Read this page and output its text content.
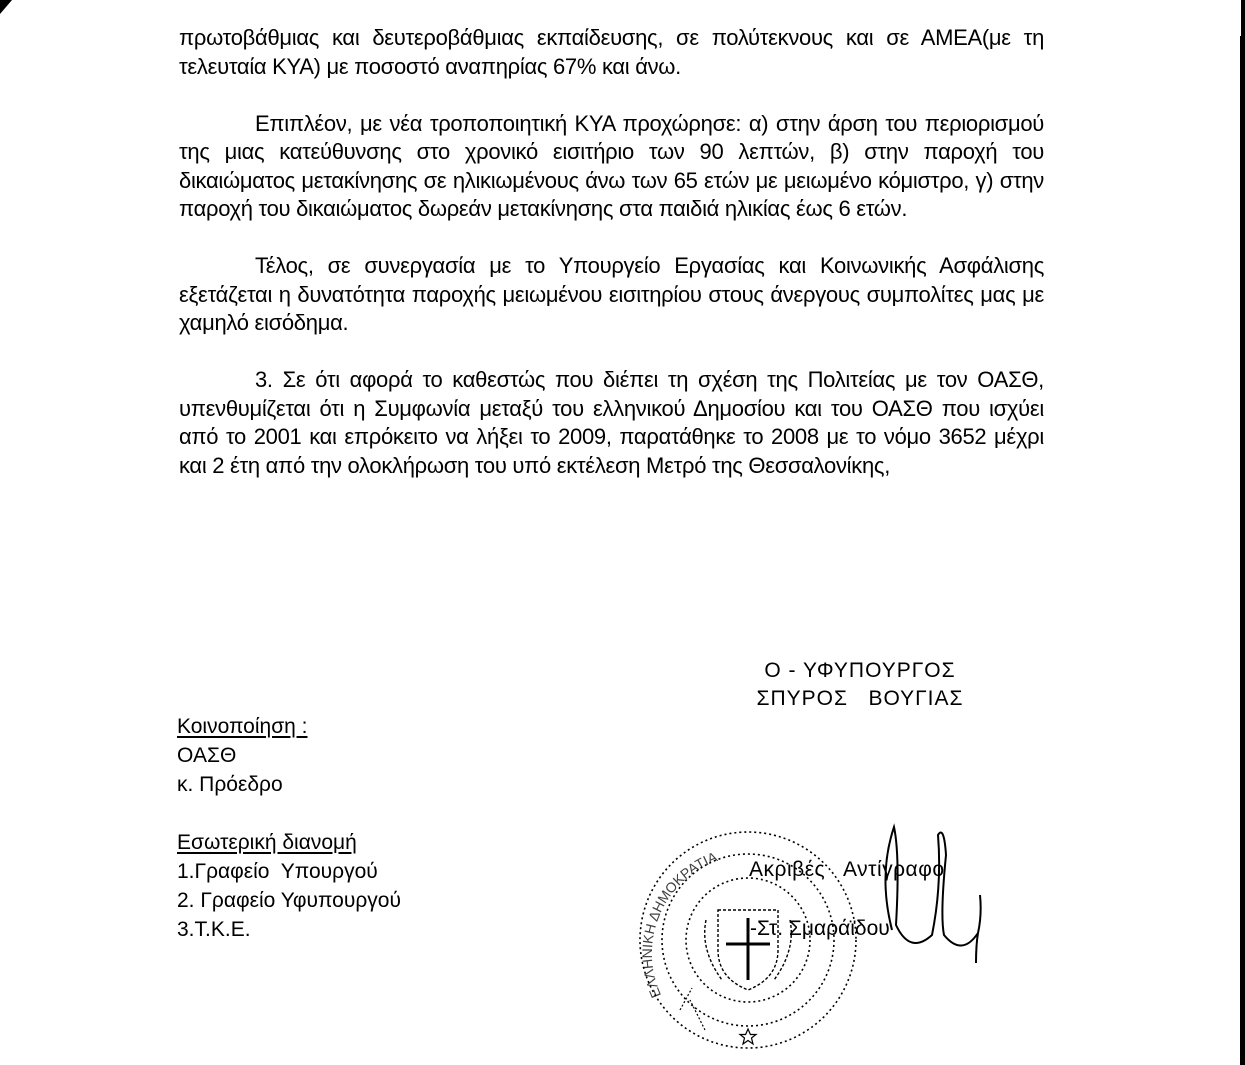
πρωτοβάθμιας και δευτεροβάθμιας εκπαίδευσης, σε πολύτεκνους και σε ΑΜΕΑ(με τη τελευταία ΚΥΑ) με ποσοστό αναπηρίας 67% και άνω.

Επιπλέον, με νέα τροποποιητική ΚΥΑ προχώρησε: α) στην άρση του περιορισμού της μιας κατεύθυνσης στο χρονικό εισιτήριο των 90 λεπτών, β) στην παροχή του δικαιώματος μετακίνησης σε ηλικιωμένους άνω των 65 ετών με μειωμένο κόμιστρο, γ) στην παροχή του δικαιώματος δωρεάν μετακίνησης στα παιδιά ηλικίας έως 6 ετών.

Τέλος, σε συνεργασία με το Υπουργείο Εργασίας και Κοινωνικής Ασφάλισης εξετάζεται η δυνατότητα παροχής μειωμένου εισιτηρίου στους άνεργους συμπολίτες μας με χαμηλό εισόδημα.

3. Σε ότι αφορά το καθεστώς που διέπει τη σχέση της Πολιτείας με τον ΟΑΣΘ, υπενθυμίζεται ότι η Συμφωνία μεταξύ του ελληνικού Δημοσίου και του ΟΑΣΘ που ισχύει από το 2001 και επρόκειτο να λήξει το 2009, παρατάθηκε το 2008 με το νόμο 3652 μέχρι και 2 έτη από την ολοκλήρωση του υπό εκτέλεση Μετρό της Θεσσαλονίκης,

Ο - ΥΦΥΠΟΥΡΓΟΣ
ΣΠΥΡΟΣ   ΒΟΥΓΙΑΣ
Κοινοποίηση :
ΟΑΣΘ
κ. Πρόεδρο
Εσωτερική διανομή
1.Γραφείο  Υπουργού
2. Γραφείο Υφυπουργού
3.Τ.Κ.Ε.
ΕΛΛΗΝΙΚΗ ΔΗΜΟΚΡΑΤΙΑ
Ακριβές   Αντίγραφο
-Στ. Σμαράϊδου
